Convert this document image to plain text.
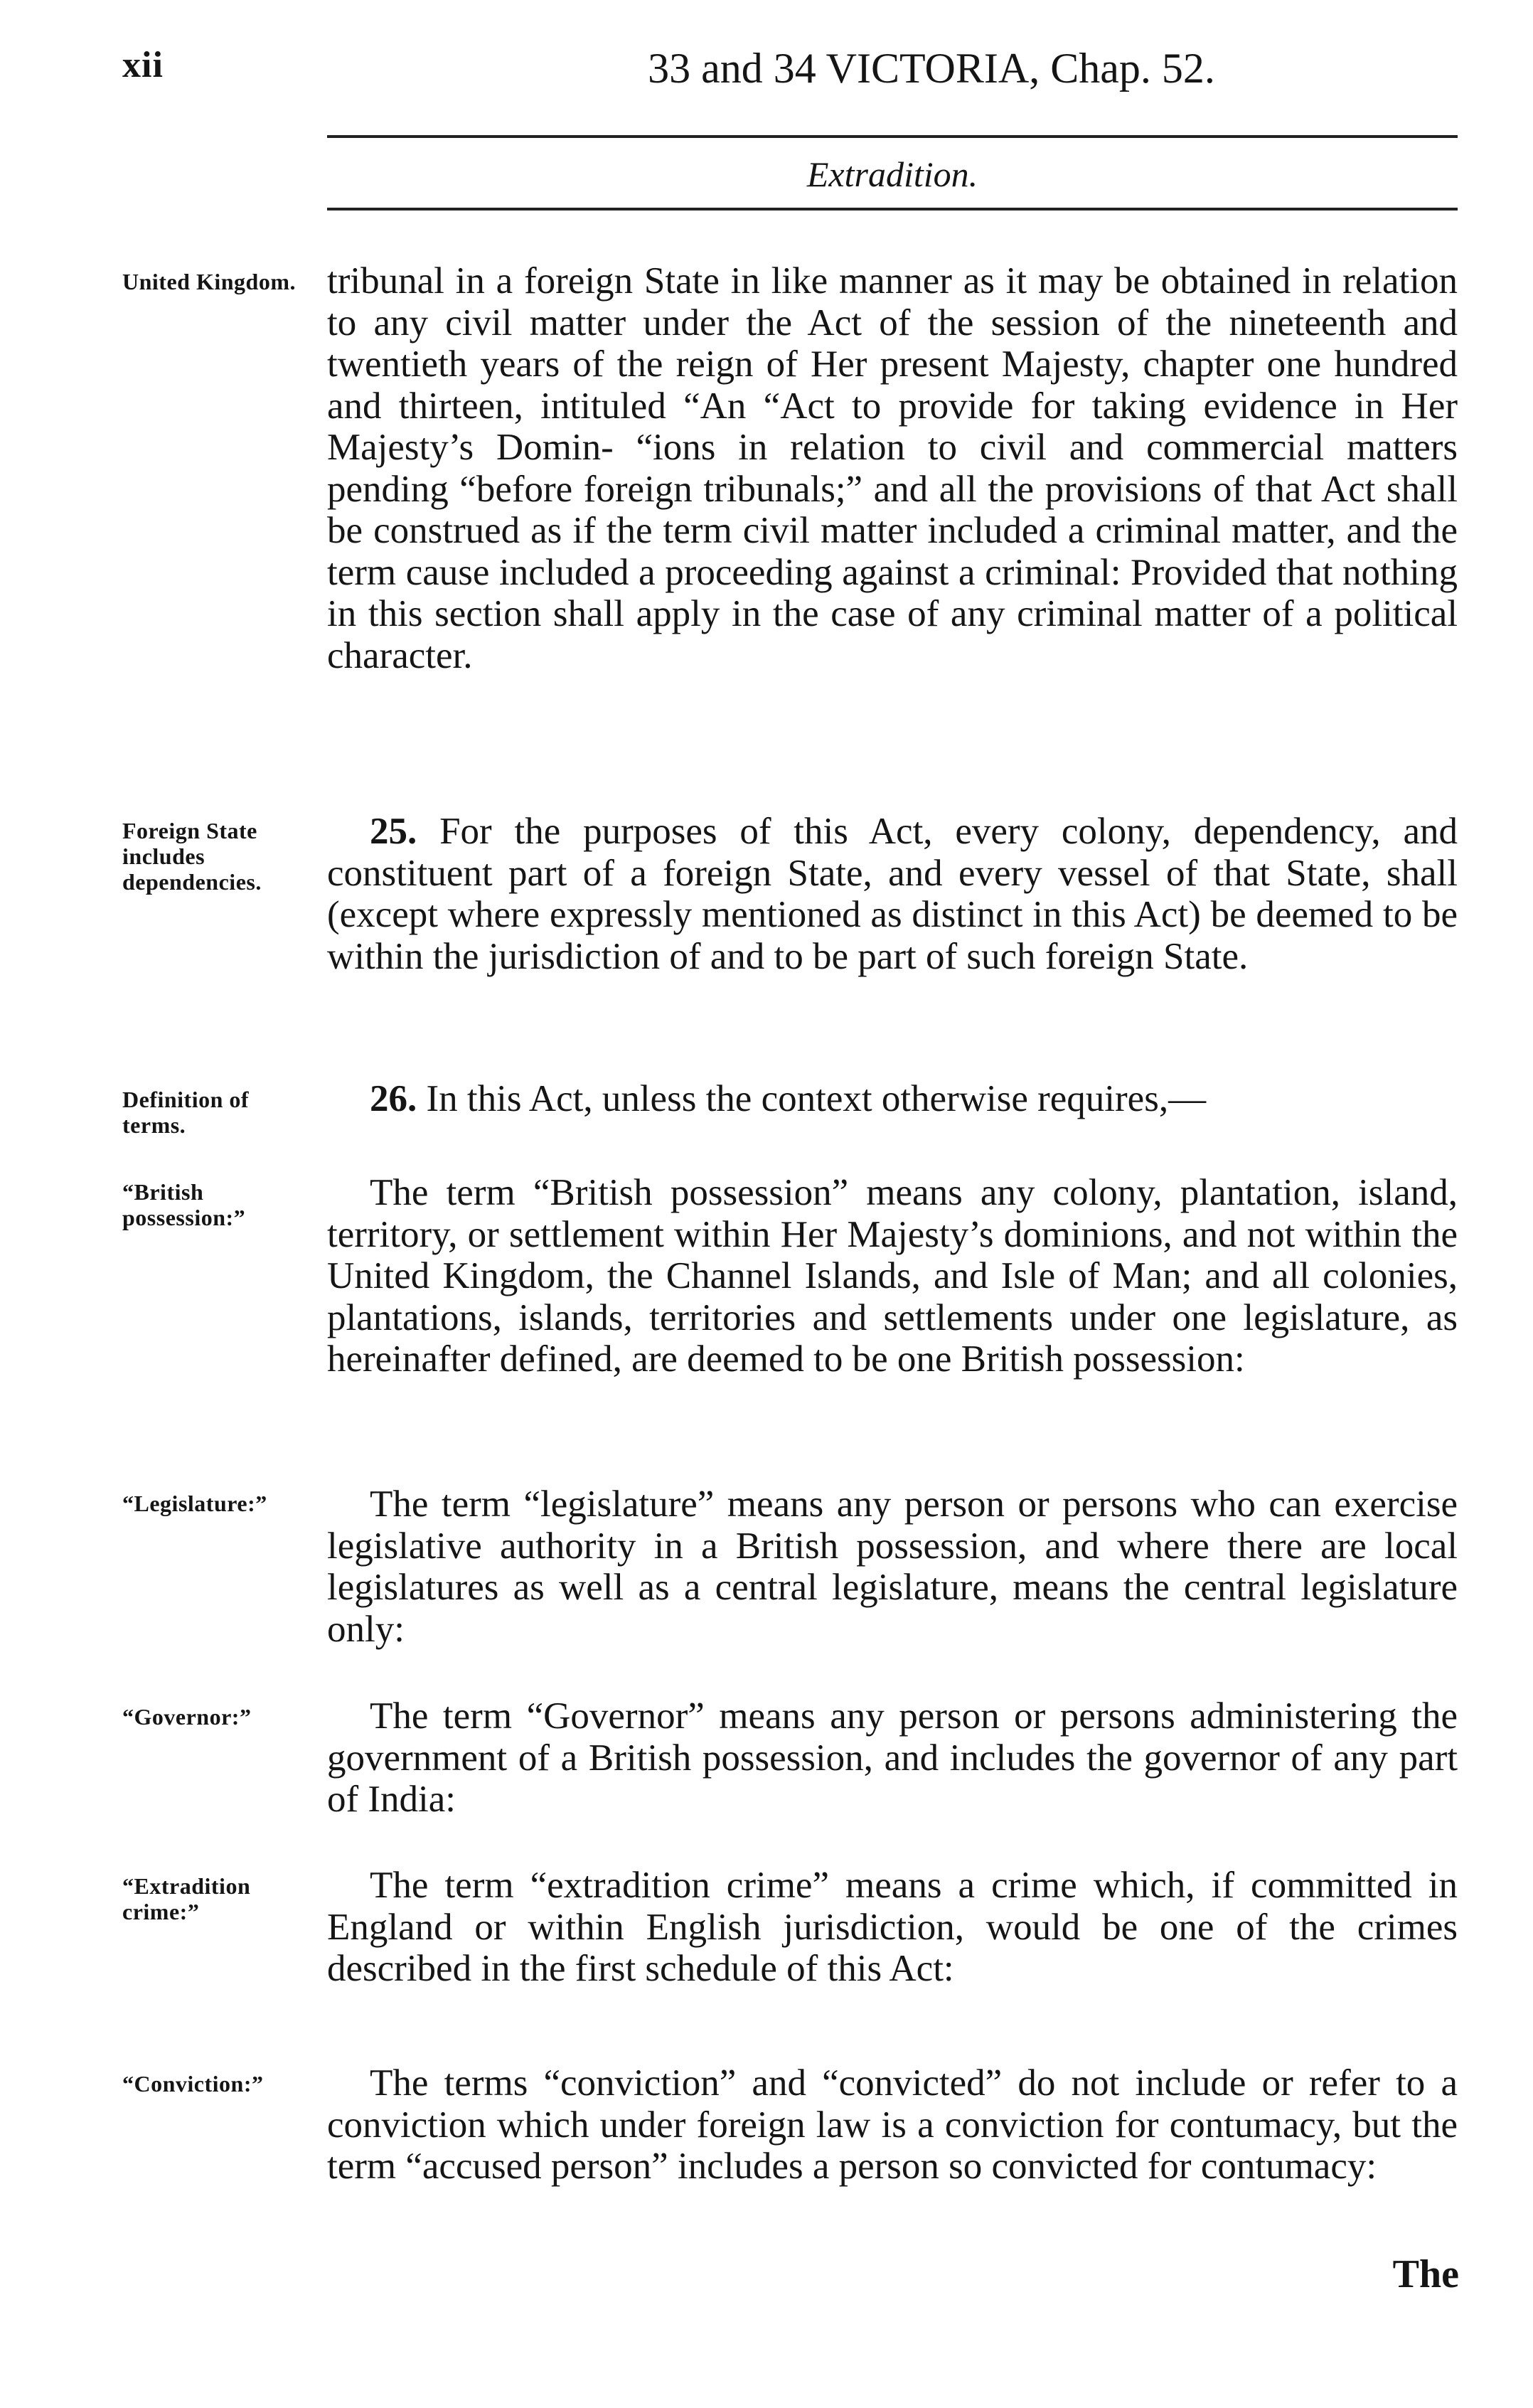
xii	33 and 34 VICTORIA, Chap. 52.
Extradition.
United Kingdom. tribunal in a foreign State in like manner as it may be obtained in relation to any civil matter under the Act of the session of the nineteenth and twentieth years of the reign of Her present Majesty, chapter one hundred and thirteen, intituled “An “Act to provide for taking evidence in Her Majesty’s Domin- “ions in relation to civil and commercial matters pending “before foreign tribunals;” and all the provisions of that Act shall be construed as if the term civil matter included a criminal matter, and the term cause included a proceeding against a criminal: Provided that nothing in this section shall apply in the case of any criminal matter of a political character.

Foreign State includes dependencies.

25. For the purposes of this Act, every colony, dependency, and constituent part of a foreign State, and every vessel of that State, shall (except where expressly mentioned as distinct in this Act) be deemed to be within the jurisdiction of and to be part of such foreign State.

Definition of terms.

26. In this Act, unless the context otherwise requires,—

“British possession:”

The term “British possession” means any colony, plantation, island, territory, or settlement within Her Majesty’s dominions, and not within the United Kingdom, the Channel Islands, and Isle of Man; and all colonies, plantations, islands, territories and settlements under one legislature, as hereinafter defined, are deemed to be one British possession:

“Legislature:”	The term “legislature” means any person or persons who can exercise legislative authority in a British possession, and where there are local legislatures as well as a central legislature, means the central legislature only:

“Governor:”	The term “Governor” means any person or persons administering the government of a British possession, and includes the governor of any part of India:

“Extradition crime:”

The term “extradition crime” means a crime which, if committed in England or within English jurisdiction, would be one of the crimes described in the first schedule of this Act:

“Conviction:”	The terms “conviction” and “convicted” do not include or refer to a conviction which under foreign law is a conviction for contumacy, but the term “accused person” includes a person so convicted for contumacy:

The
